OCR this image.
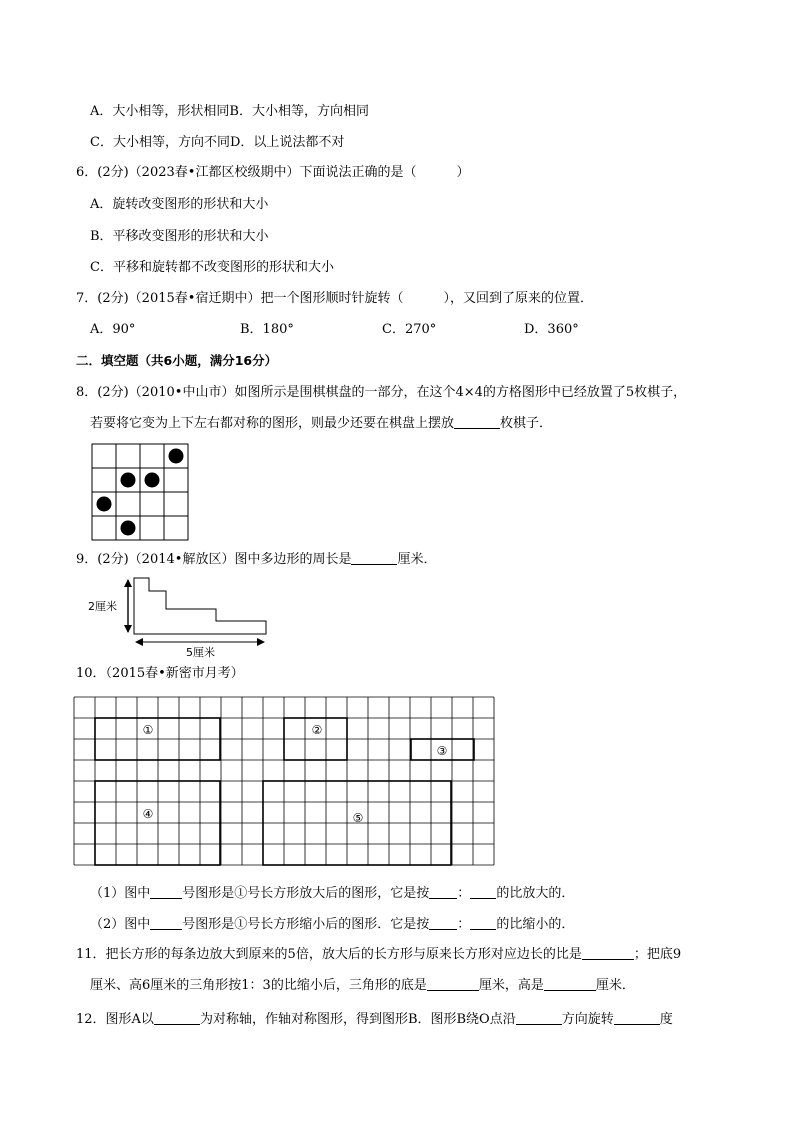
A．大小相等，形状相同B．大小相等，方向相同
C．大小相等，方向不同D．以上说法都不对
6．(2分)（2023春•江都区校级期中）下面说法正确的是（	）
A．旋转改变图形的形状和大小
B．平移改变图形的形状和大小
C．平移和旋转都不改变图形的形状和大小
7．(2分)（2015春•宿迁期中）把一个图形顺时针旋转（	），又回到了原来的位置．
A．90°	B．180°	C．270°	D．360°
二．填空题（共6小题，满分16分）
8．(2分)（2010•中山市）如图所示是围棋棋盘的一部分，在这个4×4的方格图形中已经放置了5枚棋子，
若要将它变为上下左右都对称的图形，则最少还要在棋盘上摆放	枚棋子．
9．(2分)（2014•解放区）图中多边形的周长是	厘米．
2厘米
5厘米
10．（2015春•新密市月考）
①	②
③
④	⑤
（1）图中 号图形是①号长方形放大后的图形，它是按 ： 的比放大的．
（2）图中 号图形是①号长方形缩小后的图形．它是按 ： 的比缩小的．
11．把长方形的每条边放大到原来的5倍，放大后的长方形与原来长方形对应边长的比是	；把底9
厘米、高6厘米的三角形按1：3的比缩小后，三角形的底是	厘米，高是	厘米．
12．图形A以	为对称轴，作轴对称图形，得到图形B．图形B绕O点沿	方向旋转	度
